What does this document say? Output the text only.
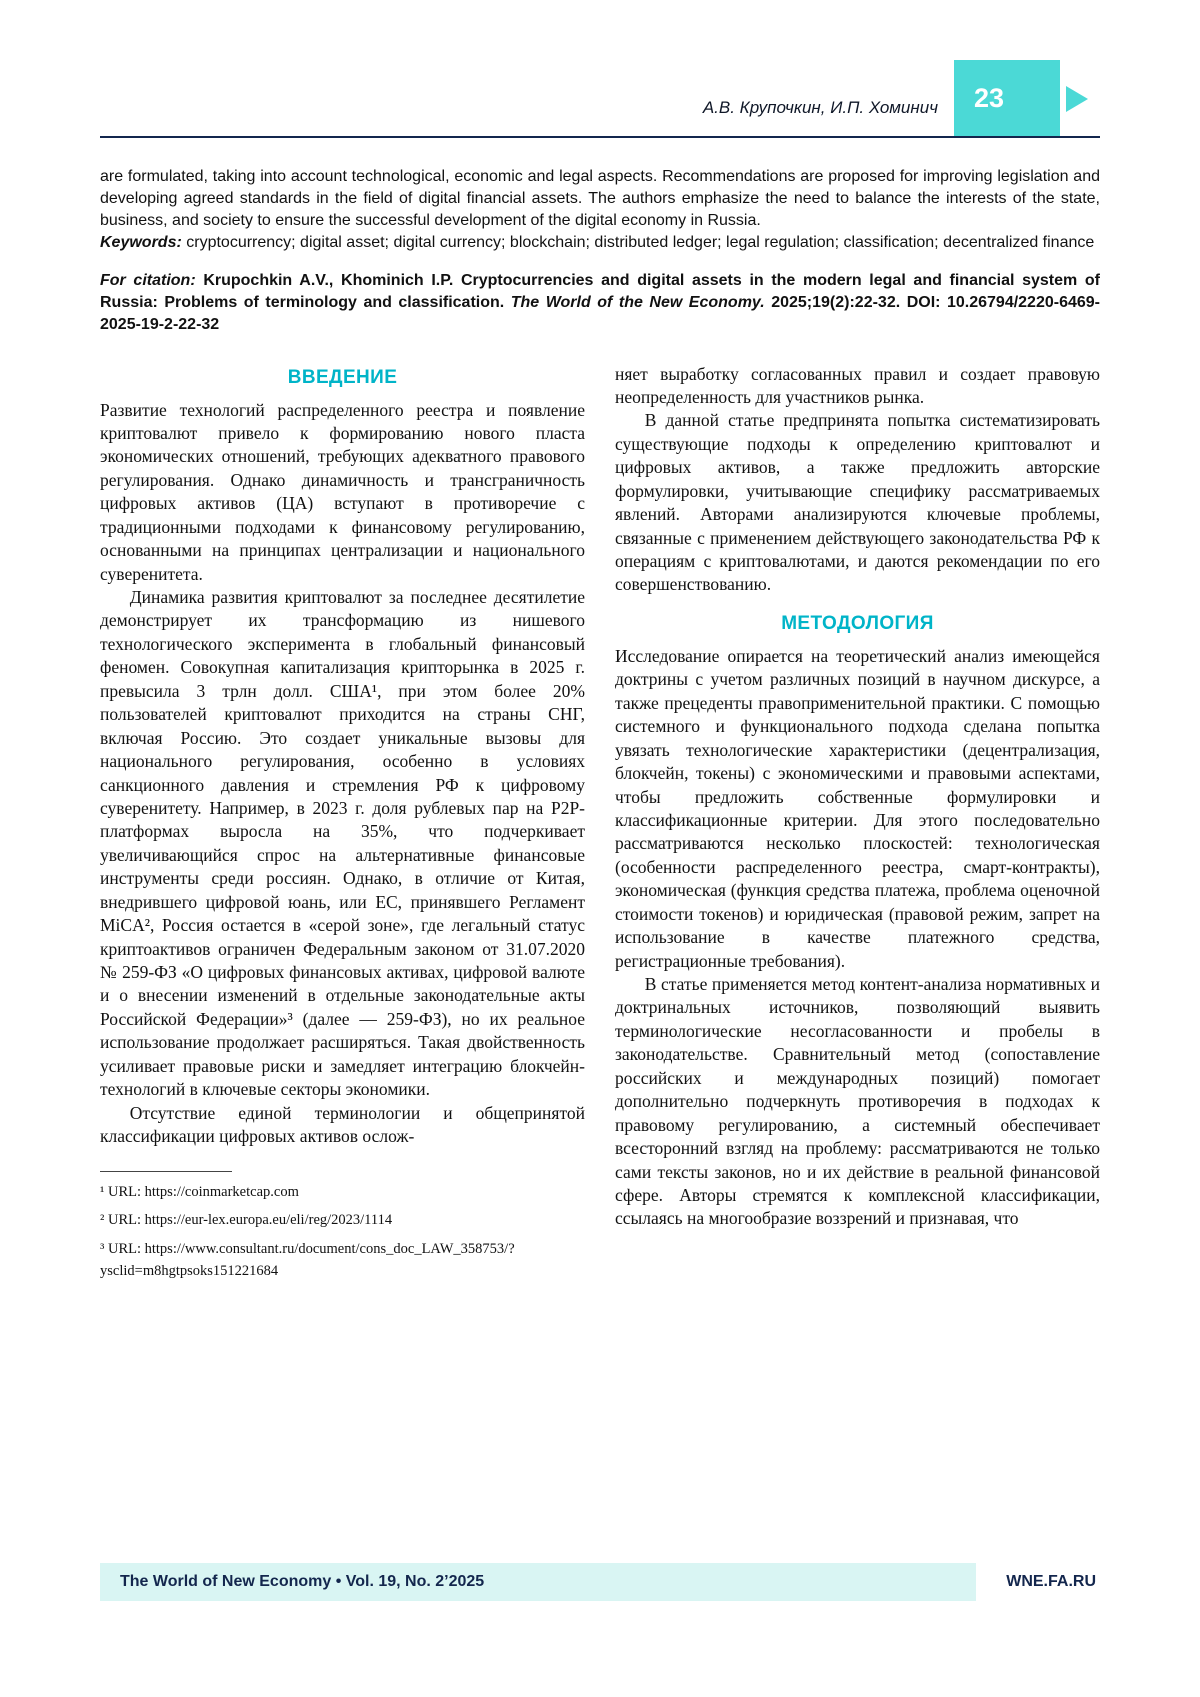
А.В. Крупочкин, И.П. Хоминич 23

are formulated, taking into account technological, economic and legal aspects. Recommendations are proposed for improving legislation and developing agreed standards in the field of digital financial assets. The authors emphasize the need to balance the interests of the state, business, and society to ensure the successful development of the digital economy in Russia.

Keywords: cryptocurrency; digital asset; digital currency; blockchain; distributed ledger; legal regulation; classification; decentralized finance

For citation: Krupochkin A.V., Khominich I.P. Cryptocurrencies and digital assets in the modern legal and financial system of Russia: Problems of terminology and classification. The World of the New Economy. 2025;19(2):22-32. DOI: 10.26794/2220-6469-2025-19-2-22-32

ВВЕДЕНИЕ

Развитие технологий распределенного реестра и появление криптовалют привело к формированию нового пласта экономических отношений, требующих адекватного правового регулирования. Однако динамичность и трансграничность цифровых активов (ЦА) вступают в противоречие с традиционными подходами к финансовому регулированию, основанными на принципах централизации и национального суверенитета.

Динамика развития криптовалют за последнее десятилетие демонстрирует их трансформацию из нишевого технологического эксперимента в глобальный финансовый феномен. Совокупная капитализация крипторынка в 2025 г. превысила 3 трлн долл. США¹, при этом более 20% пользователей криптовалют приходится на страны СНГ, включая Россию. Это создает уникальные вызовы для национального регулирования, особенно в условиях санкционного давления и стремления РФ к цифровому суверенитету. Например, в 2023 г. доля рублевых пар на P2P-платформах выросла на 35%, что подчеркивает увеличивающийся спрос на альтернативные финансовые инструменты среди россиян. Однако, в отличие от Китая, внедрившего цифровой юань, или ЕС, принявшего Регламент MiCA², Россия остается в «серой зоне», где легальный статус криптоактивов ограничен Федеральным законом от 31.07.2020 № 259-ФЗ «О цифровых финансовых активах, цифровой валюте и о внесении изменений в отдельные законодательные акты Российской Федерации»³ (далее — 259-ФЗ), но их реальное использование продолжает расширяться. Такая двойственность усиливает правовые риски и замедляет интеграцию блокчейн-технологий в ключевые секторы экономики.

Отсутствие единой терминологии и общепринятой классификации цифровых активов ослож-

¹ URL: https://coinmarketcap.com

² URL: https://eur-lex.europa.eu/eli/reg/2023/1114

³ URL: https://www.consultant.ru/document/cons_doc_LAW_358753/?ysclid=m8hgtpsoks151221684

няет выработку согласованных правил и создает правовую неопределенность для участников рынка.

В данной статье предпринята попытка систематизировать существующие подходы к определению криптовалют и цифровых активов, а также предложить авторские формулировки, учитывающие специфику рассматриваемых явлений. Авторами анализируются ключевые проблемы, связанные с применением действующего законодательства РФ к операциям с криптовалютами, и даются рекомендации по его совершенствованию.

МЕТОДОЛОГИЯ

Исследование опирается на теоретический анализ имеющейся доктрины с учетом различных позиций в научном дискурсе, а также прецеденты правоприменительной практики. С помощью системного и функционального подхода сделана попытка увязать технологические характеристики (децентрализация, блокчейн, токены) с экономическими и правовыми аспектами, чтобы предложить собственные формулировки и классификационные критерии. Для этого последовательно рассматриваются несколько плоскостей: технологическая (особенности распределенного реестра, смарт-контракты), экономическая (функция средства платежа, проблема оценочной стоимости токенов) и юридическая (правовой режим, запрет на использование в качестве платежного средства, регистрационные требования).

В статье применяется метод контент-анализа нормативных и доктринальных источников, позволяющий выявить терминологические несогласованности и пробелы в законодательстве. Сравнительный метод (сопоставление российских и международных позиций) помогает дополнительно подчеркнуть противоречия в подходах к правовому регулированию, а системный обеспечивает всесторонний взгляд на проблему: рассматриваются не только сами тексты законов, но и их действие в реальной финансовой сфере. Авторы стремятся к комплексной классификации, ссылаясь на многообразие воззрений и признавая, что

The World of New Economy • Vol. 19, No. 2’2025	WNE.FA.RU
